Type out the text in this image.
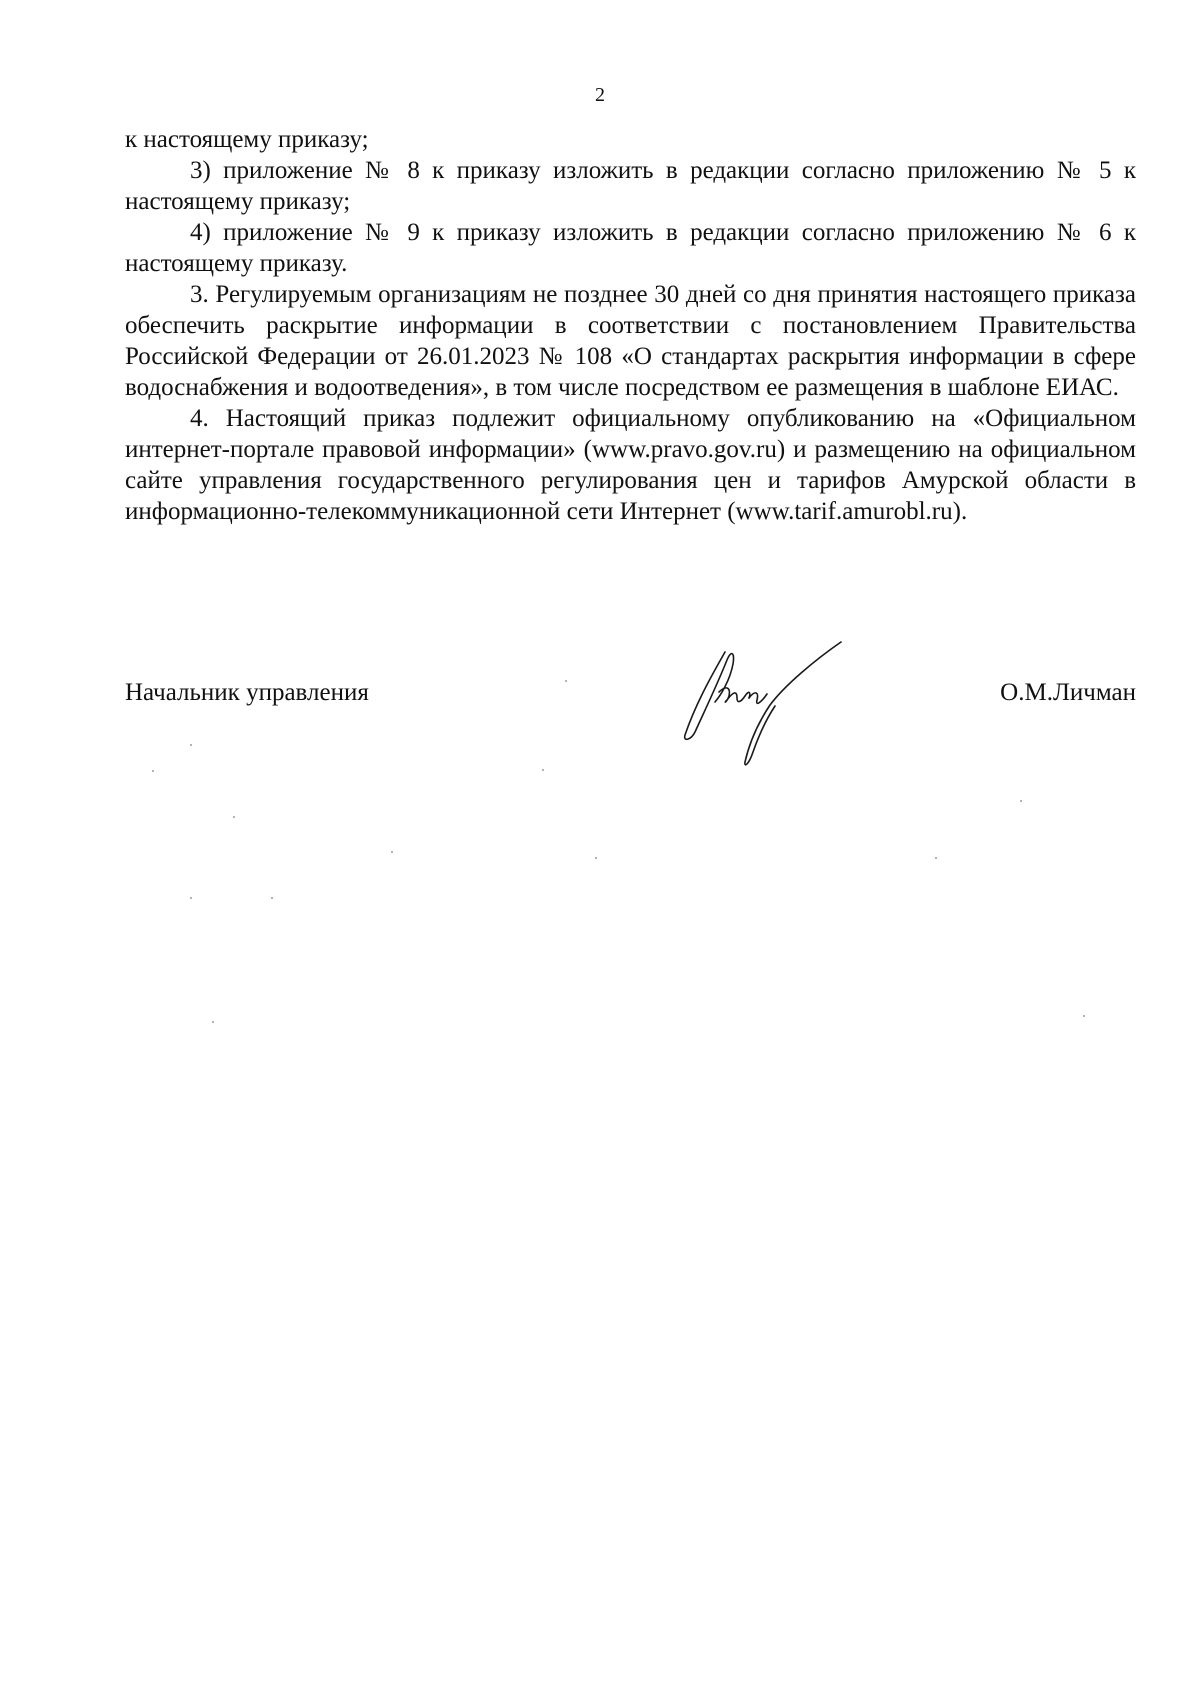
2

к настоящему приказу;

3) приложение № 8 к приказу изложить в редакции согласно приложению № 5 к настоящему приказу;

4) приложение № 9 к приказу изложить в редакции согласно приложению № 6 к настоящему приказу.

3. Регулируемым организациям не позднее 30 дней со дня принятия настоящего приказа обеспечить раскрытие информации в соответствии с постановлением Правительства Российской Федерации от 26.01.2023 № 108 «О стандартах раскрытия информации в сфере водоснабжения и водоотведения», в том числе посредством ее размещения в шаблоне ЕИАС.

4. Настоящий приказ подлежит официальному опубликованию на «Официальном интернет-портале правовой информации» (www.pravo.gov.ru) и размещению на официальном сайте управления государственного регулирования цен и тарифов Амурской области в информационно-телекоммуникационной сети Интернет (www.tarif.amurobl.ru).

Начальник управления	О.М.Личман
